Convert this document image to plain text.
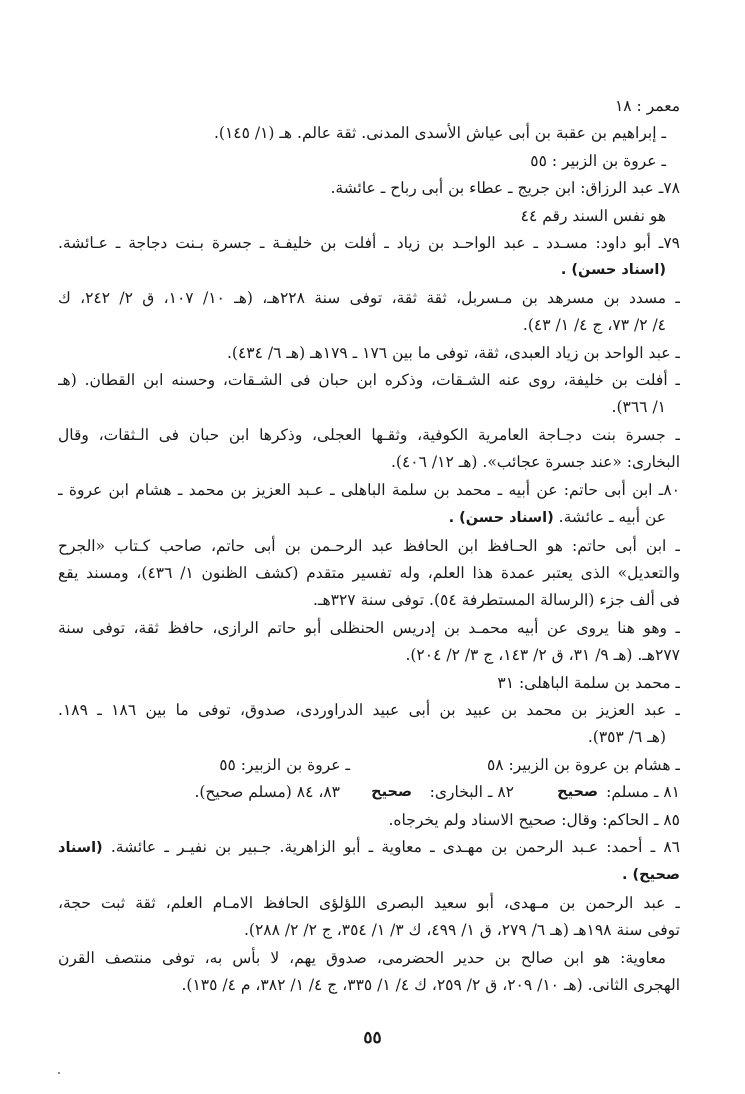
معمر : ١٨
ـ إبراهيم بن عقبة بن أبى عياش الأسدى المدنى. ثقة عالم. هـ (١/ ١٤٥).
ـ عروة بن الزبير : ٥٥
٧٨ـ عبد الرزاق: ابن جريج ـ عطاء بن أبى رباح ـ عائشة.
هو نفس السند رقم ٤٤
٧٩ـ أبو داود: مسـدد ـ عبد الواحـد بن زياد ـ أفلت بن خليفـة ـ جسرة بـنت دجاجة ـ عـائشة.
(اسناد حسن) .
ـ مسدد بن مسرهد بن مـسربل، ثقة ثقة، توفى سنة ٢٢٨هـ، (هـ ١٠/ ١٠٧، ق ٢/ ٢٤٢، ك
٤/ ٢/ ٧٣، ج ٤/ ١/ ٤٣).
ـ عبد الواحد بن زياد العبدى، ثقة، توفى ما بين ١٧٦ ـ ١٧٩هـ (هـ ٦/ ٤٣٤).
ـ أفلت بن خليفة، روى عنه الشـقات، وذكره ابن حبان فى الشـقات، وحسنه ابن القطان. (هـ
١/ ٣٦٦).
ـ جسرة بنت دجـاجة العامرية الكوفية، وثقـها العجلى، وذكرها ابن حبان فى الـثقات، وقال
البخارى: «عند جسرة عجائب». (هـ ١٢/ ٤٠٦).
٨٠ـ ابن أبى حاتم: عن أبيه ـ محمد بن سلمة الباهلى ـ عـبد العزيز بن محمد ـ هشام ابن عروة ـ
عن أبيه ـ عائشة. (اسناد حسن) .
ـ ابن أبى حاتم: هو الحـافظ ابن الحافظ عبد الرحـمن بن أبى حاتم، صاحب كـتاب «الجرح
والتعديل» الذى يعتبر عمدة هذا العلم، وله تفسير متقدم (كشف الظنون ١/ ٤٣٦)، ومسند يقع
فى ألف جزء (الرسالة المستطرفة ٥٤). توفى سنة ٣٢٧هـ.
ـ وهو هنا يروى عن أبيه محمـد بن إدريس الحنظلى أبو حاتم الرازى، حافظ ثقة، توفى سنة
٢٧٧هـ. (هـ ٩/ ٣١، ق ٢/ ١٤٣، ج ٣/ ٢/ ٢٠٤).
ـ محمد بن سلمة الباهلى: ٣١
ـ عبد العزيز بن محمد بن عبيد بن أبى عبيد الدراوردى، صدوق، توفى ما بين ١٨٦ ـ ١٨٩.
(هـ ٦/ ٣٥٣).
ـ هشام بن عروة بن الزبير: ٥٨
ـ عروة بن الزبير: ٥٥
٨١ ـ مسلم:
صحيح
٨٢ ـ البخارى:
صحيح
٨٣، ٨٤ (مسلم صحيح).
٨٥ ـ الحاكم: وقال: صحيح الاسناد ولم يخرجاه.
٨٦ ـ أحمد: عـبد الرحمن بن مهـدى ـ معاوية ـ أبو الزاهرية. جـبير بن نفيـر ـ عائشة. (اسناد
صحيح) .
ـ عبد الرحمن بن مـهدى، أبو سعيد البصرى اللؤلؤى الحافظ الامـام العلم، ثقة ثبت حجة،
توفى سنة ١٩٨هـ (هـ ٦/ ٢٧٩، ق ١/ ٤٩٩، ك ٣/ ١/ ٣٥٤، ج ٢/ ٢/ ٢٨٨).
معاوية: هو ابن صالح بن حدير الحضرمى، صدوق يهم، لا بأس به، توفى منتصف القرن
الهجرى الثانى. (هـ ١٠/ ٢٠٩، ق ٢/ ٢٥٩، ك ٤/ ١/ ٣٣٥، ج ٤/ ١/ ٣٨٢، م ٤/ ١٣٥).
٥٥
